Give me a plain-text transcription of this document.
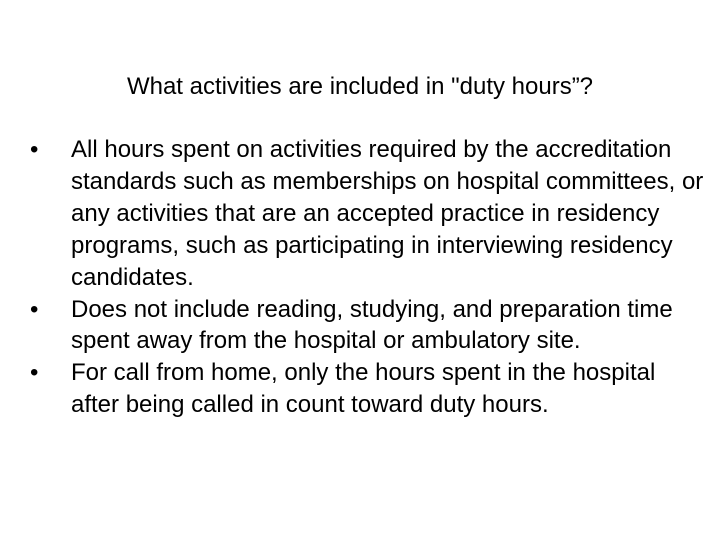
What activities are included in "duty hours”?
•	All hours spent on activities required by the accreditation standards such as memberships on hospital committees, or any activities that are an accepted practice in residency programs, such as participating in interviewing residency candidates.
•	Does not include reading, studying, and preparation time spent away from the hospital or ambulatory site.
•	For call from home, only the hours spent in the hospital after being called in count toward duty hours.
